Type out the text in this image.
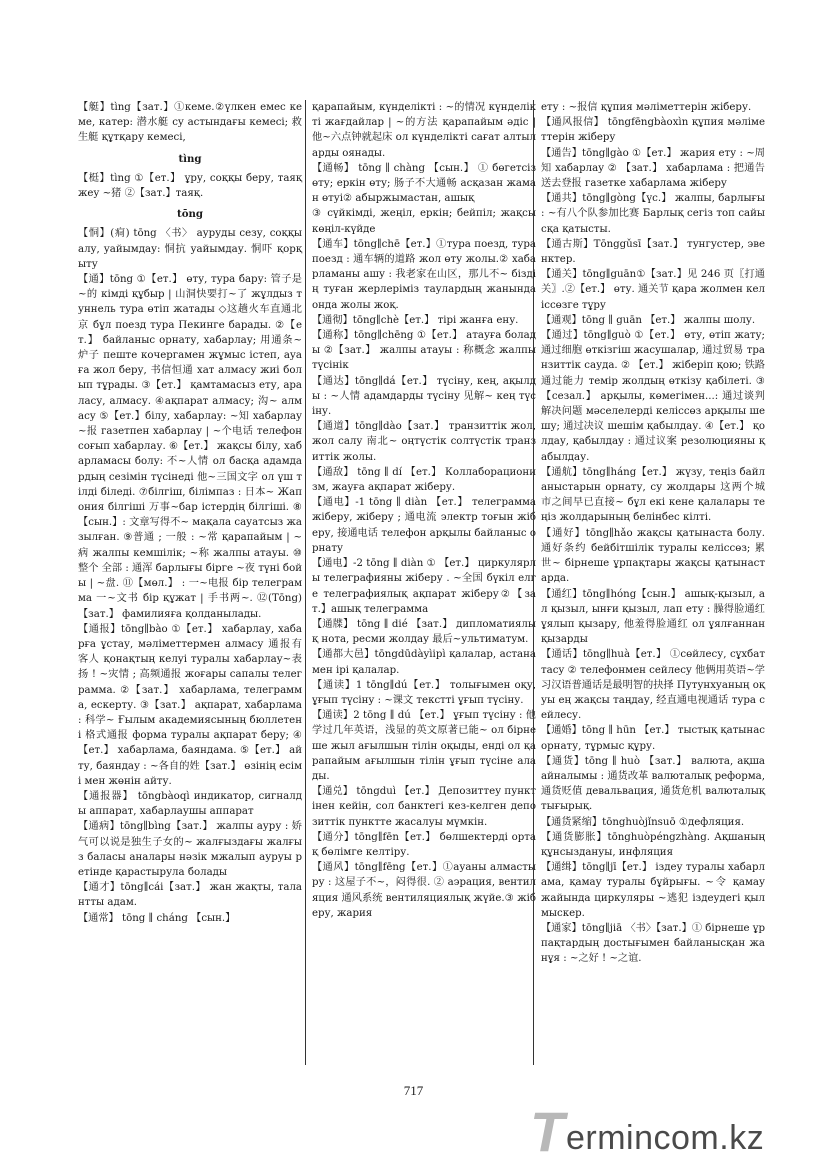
【艇】tìng【зат.】①кеме.②үлкен емес кеме, катер: 潜水艇 су астындағы кемесі; 救生艇 құтқару кемесі,

tìng

【梃】tìng ①【ет.】 ұру, соққы беру, таяқ жеу ~猪 ②【зат.】таяқ.

tōng

【恫】(痌) tōng 〈书〉 ауруды сезу, соққы алу, уайымдау: 恫抗 уайымдау. 恫吓 қорқыту

【通】tōng ①【ет.】 өту, тура бару: 管子是~的 кімді құбыр | 山洞快要打~了 жұлдыз туннель тура өтіп жатады ◇这趟火车直通北京 бұл поезд тура Пекинге барады. ②【ет.】 байланыс орнату, хабарлау; 用通条~炉子 пеште кочергамен жұмыс істеп, ауаға жол беру, 书信恒通 хат алмасу жиі болып тұрады. ③【ет.】 қамтамасыз ету, араласу, алмасу. ④ақпарат алмасу; 沟~ алмасу ⑤【ет.】білу, хабарлау: ~知 хабарлау ~报 газетпен хабарлау | ~个电话 телефон соғып хабарлау. ⑥【ет.】 жақсы білу, хабарламасы болу: 不~人情 ол басқа адамдардың сезімін түсінеді 他~三国文字 ол үш тілді біледі. ⑦білгіш, білімпаз : 日本~ Жапония білгіші 万事~бар істердің білгіші. ⑧【сын.】: 文章写得不~ мақала сауатсыз жазылған. ⑨普通 ; 一般 : ~常 қарапайым | ~病 жалпы кемшілік; ~称 жалпы атауы. ⑩整个 全部 : 通浑 барлығы бірге ~夜 түні бойы | ~盘. ⑪【мөл.】 : 一~电报 бір телеграмма 一~文书 бір құжат | 手书两~. ⑫(Tōng)【зат.】 фамилияға қолданылады.

【通报】tōng∥bào ①【ет.】 хабарлау, хабарға ұстау, мәліметтермен алмасу 通报有客人 қонақтың келуі туралы хабарлау~表扬 ! ~灾情 ; 高频通报 жоғары сапалы телеграмма. ②【зат.】 хабарлама, телеграмма, ескерту. ③【зат.】 ақпарат, хабарлама : 科学~ Ғылым академиясының бюллетені 格式通报 форма туралы ақпарат беру; ④【ет.】 хабарлама, баяндама. ⑤【ет.】 айту, баяндау : ~各自的姓【зат.】 өзінің есімі мен жөнін айту.

【通报器】 tōngbàoqì индикатор, сигналды аппарат, хабарлаушы аппарат

【通病】tōng∥bìng【зат.】 жалпы ауру : 娇气可以说是独生子女的~ жалғыздағы жалғыз баласы аналары нәзік мжалып ауруы ретінде қарастырула болады

【通才】tōng∥cái【зат.】 жан жақты, талантты адам.

【通常】 tōng ∥ cháng 【сын.】

қарапайым, күнделікті : ~的情况 күнделікті жағдайлар | ~的方法 қарапайым әдіс | 他~六点钟就起床 ол күнделікті сағат алтыларды оянады.

【通畅】 tōng ∥ chàng 【сын.】 ① бөгетсіз өту; еркін өту; 肠子不大通畅 асқазан жаман өтуі② абыржымастан, ашық

③ сүйкімді, жеңіл, еркін; бейпіл; жақсы көңіл-күйде

【通车】tōng∥chē【ет.】①тура поезд, тура поезд : 通车辆的道路 жол өту жолы.② хабарламаны ашу : 我老家在山区，那儿不~ біздің туған жерлеріміз таулардың жанында онда жолы жоқ.

【通彻】tōng∥chè【ет.】 тірі жанға ену.

【通称】tōng∥chēng ①【ет.】 атауға болады ②【зат.】 жалпы атауы : 称概念 жалпы түсінік

【通达】tōng∥dá【ет.】 түсіну, кең, ақылды : ~人情 адамдарды түсіну 见解~ кең түсіну.

【通道】tōng∥dào【зат.】 транзиттік жол, жол салу 南北~ оңтүстік солтүстік транзиттік жолы.

【通敌】 tōng ∥ dí 【ет.】 Коллаборационизм, жауға ақпарат жіберу.

【通电】-1 tōng ∥ diàn 【ет.】 телеграмма жіберу, жіберу ; 通电流 электр тоғын жіберу, 接通电话 телефон арқылы байланыс орнату

【通电】-2 tōng ∥ diàn ① 【ет.】 циркулярлы телеграфияны жіберу . ~全国 бүкіл елге телеграфиялық ақпарат жіберу②【зат.】ашық телеграмма

【通牒】 tōng ∥ dié 【зат.】 дипломатиялық нота, ресми жолдау 最后~ультиматум.

【通都大邑】tōngdūdàyìipì қалалар, астана мен ірі қалалар.

【通读】1 tōng∥dú【ет.】 толығымен оқу, ұғып түсіну : ~课文 текстті ұғып түсіну.

【通读】2 tōng ∥ dú 【ет.】 ұғып түсіну : 他学过几年英语，浅显的英文原著已能~ ол бірнеше жыл ағылшын тілін оқыды, енді ол қарапайым ағылшын тілін ұғып түсіне алады.

【通兑】 tōngduì 【ет.】 Депозиттеу пунктінен кейін, сол банктегі кез-келген депозиттік пунктте жасалуы мүмкін.

【通分】tōng∥fēn【ет.】 бөлшектерді ортақ бөлімге келтіру.

【通风】tōng∥fēng【ет.】①ауаны алмастыру : 这屋子不~，闷得很. ② аэрация, вентиляция 通风系统 вентиляциялық жүйе.③ жіберу, жария

ету : ~报信 құпия мәліметтерін жіберу.

【通风报信】 tōngfēngbàoxìn құпия мәліметтерін жіберу

【通告】tōng∥gào ①【ет.】 жария ету : ~周知 хабарлау ② 【зат.】 хабарлама : 把通告送去登报 газетке хабарлама жіберу

【通共】tōng∥gòng【үс.】 жалпы, барлығы : ~有八个队参加比赛 Барлық сегіз топ сайысқа қатысты.

【通古斯】Tōnggǔsī【зат.】 тунгустер, эвенктер.

【通关】tōng∥guān①【зат.】见 246 页〖打通关〗.②【ет.】 өту. 通关节 қара жолмен келіссөзге тұру

【通观】tōng ∥ guān 【ет.】 жалпы шолу.

【通过】tōng∥guò ①【ет.】 өту, өтіп жату; 通过细胞 өткізгіш жасушалар, 通过贸易 транзиттік сауда. ② 【ет.】 жіберіп қою; 铁路通过能力 темір жолдың өткізу қабілеті. ③【сезал.】 арқылы, көмегімен...: 通过谈判解决问题 мәселелерді келіссөз арқылы шешу; 通过决议 шешім қабылдау. ④【ет.】 қолдау, қабылдау : 通过议案 резолюцияны қабылдау.

【通航】tōng∥háng【ет.】 жүзу, теңіз байланыстарын орнату, су жолдары 这两个城市之间早已直接~ бұл екі кене қалалары теңіз жолдарының белінбес кілті.

【通好】tōng∥hǎo жақсы қатынаста болу. 通好条约 бейбітшілік туралы келіссөз; 累世~ бірнеше ұрпақтары жақсы қатынастарда.

【通红】tōng∥hóng【сын.】 ашық-қызыл, ал қызыл, ынғи қызыл, лап ету : 臊得脸通红 ұялып қызару, 他羞得脸通红 ол ұялғаннан қызарды

【通话】tōng∥huà【ет.】 ①сөйлесу, сұхбаттасу ② телефонмен сейлесу 他俩用英语~学习汉语普通话是最明智的抉择 Путунхуаның оқуы ең жақсы таңдау, 经直通电视通话 тура сейлесу.

【通婚】tōng ∥ hūn 【ет.】 тыстық қатынас орнату, тұрмыс құру.

【通货】tōng ∥ huò 【зат.】 валюта, ақша айналымы : 通货改革 валюталық реформа, 通货贬值 девальвация, 通货危机 валюталық тығырық.

【通货紧缩】tōnghuòjǐnsuō ①дефляция.

【通货膨胀】tōnghuòpéngzhàng. Ақшаның құнсыздануы, инфляция

【通缉】tōng∥jī【ет.】 іздеу туралы хабарлама, қамау туралы бұйрығы. ~令 қамау жайында циркуляры ~逃犯 іздеудегі қылмыскер.

【通家】tōng∥jiā 〈书〉【зат.】① бірнеше ұрпақтардың достығымен байланысқан жанұя : ~之好 ! ~之谊.

717
T ermincom.kz
